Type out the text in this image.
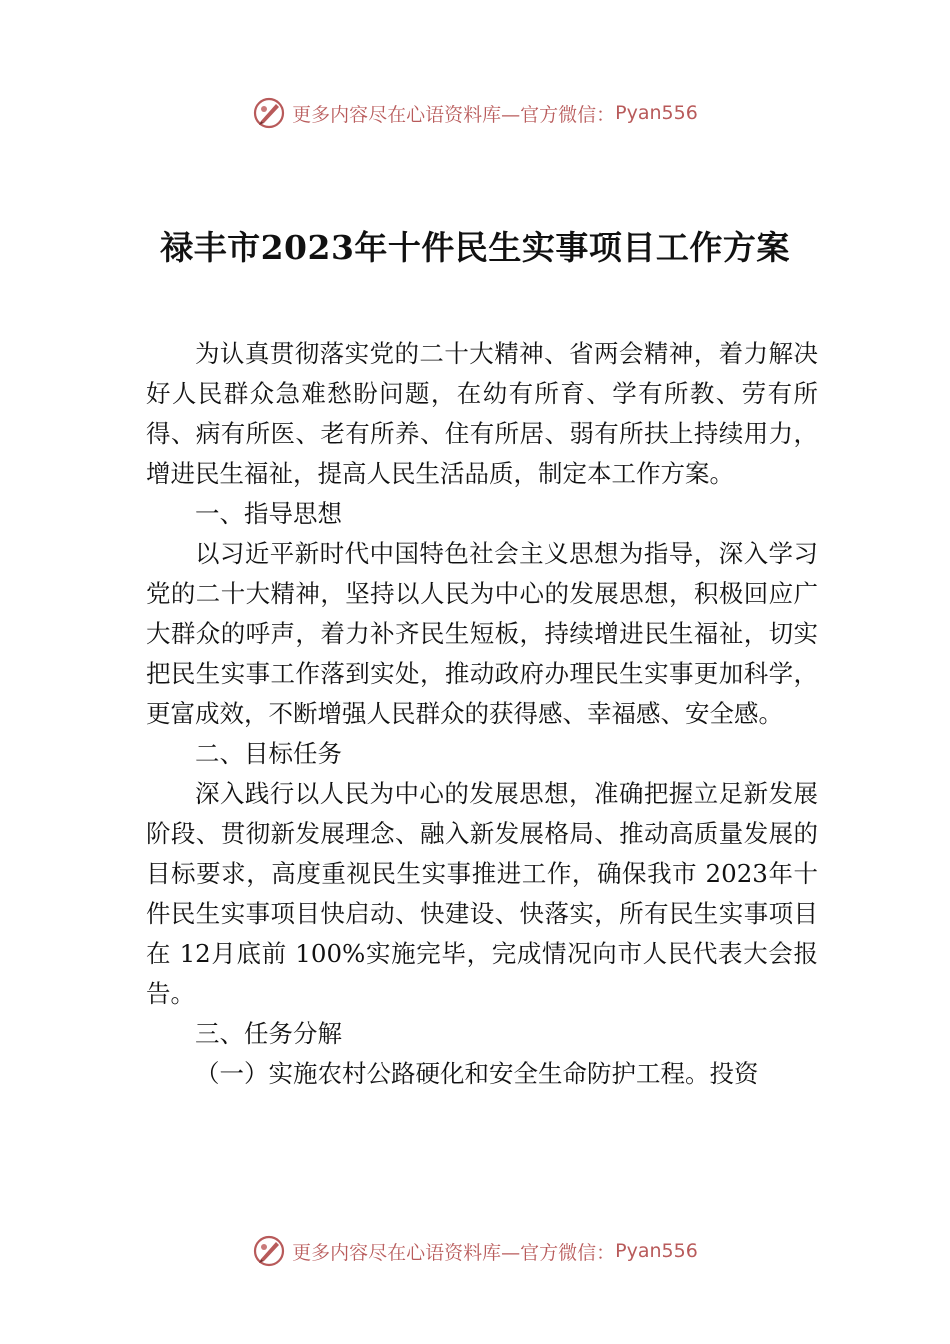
更多内容尽在心语资料库—官方微信： Pyan556
禄丰市2023年十件民生实事项目工作方案

为认真贯彻落实党的二十大精神、省两会精神，着力解决好人民群众急难愁盼问题，在幼有所育、学有所教、劳有所得、病有所医、老有所养、住有所居、弱有所扶上持续用力，增进民生福祉，提高人民生活品质，制定本工作方案。

一、指导思想

以习近平新时代中国特色社会主义思想为指导，深入学习党的二十大精神，坚持以人民为中心的发展思想，积极回应广大群众的呼声，着力补齐民生短板，持续增进民生福祉，切实把民生实事工作落到实处，推动政府办理民生实事更加科学，更富成效，不断增强人民群众的获得感、幸福感、安全感。

二、目标任务

深入践行以人民为中心的发展思想，准确把握立足新发展阶段、贯彻新发展理念、融入新发展格局、推动高质量发展的目标要求，高度重视民生实事推进工作，确保我市 2023年十件民生实事项目快启动、快建设、快落实，所有民生实事项目在 12月底前 100%实施完毕，完成情况向市人民代表大会报告。

三、任务分解

（一）实施农村公路硬化和安全生命防护工程。投资

更多内容尽在心语资料库—官方微信： Pyan556
